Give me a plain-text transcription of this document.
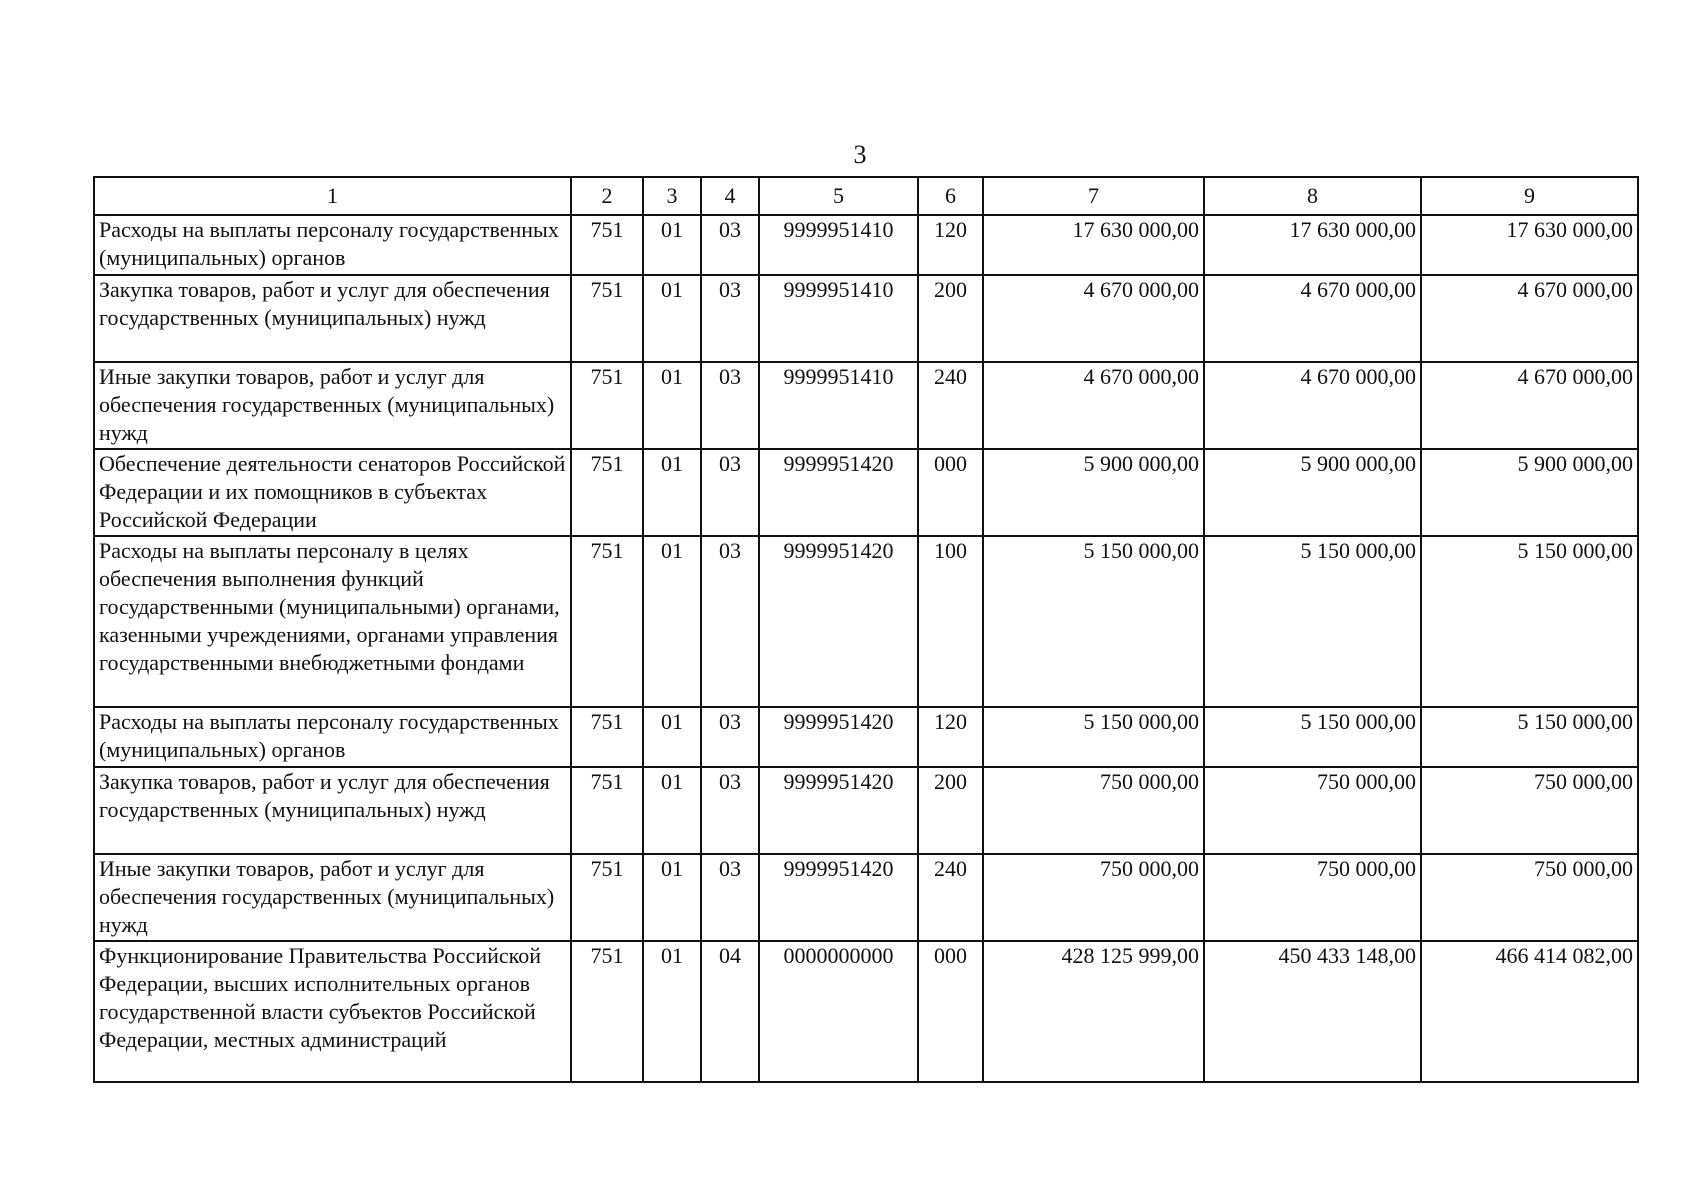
3
1	2	3	4	5	6	7	8	9
Расходы на выплаты персоналу государственных (муниципальных) органов	751	01	03	9999951410	120	17 630 000,00	17 630 000,00	17 630 000,00
Закупка товаров, работ и услуг для обеспечения государственных (муниципальных) нужд	751	01	03	9999951410	200	4 670 000,00	4 670 000,00	4 670 000,00
Иные закупки товаров, работ и услуг для обеспечения государственных (муниципальных) нужд	751	01	03	9999951410	240	4 670 000,00	4 670 000,00	4 670 000,00
Обеспечение деятельности сенаторов Российской Федерации и их помощников в субъектах Российской Федерации	751	01	03	9999951420	000	5 900 000,00	5 900 000,00	5 900 000,00
Расходы на выплаты персоналу в целях обеспечения выполнения функций государственными (муниципальными) органами, казенными учреждениями, органами управления государственными внебюджетными фондами	751	01	03	9999951420	100	5 150 000,00	5 150 000,00	5 150 000,00
Расходы на выплаты персоналу государственных (муниципальных) органов	751	01	03	9999951420	120	5 150 000,00	5 150 000,00	5 150 000,00
Закупка товаров, работ и услуг для обеспечения государственных (муниципальных) нужд	751	01	03	9999951420	200	750 000,00	750 000,00	750 000,00
Иные закупки товаров, работ и услуг для обеспечения государственных (муниципальных) нужд	751	01	03	9999951420	240	750 000,00	750 000,00	750 000,00
Функционирование Правительства Российской Федерации, высших исполнительных органов государственной власти субъектов Российской Федерации, местных администраций	751	01	04	0000000000	000	428 125 999,00	450 433 148,00	466 414 082,00
